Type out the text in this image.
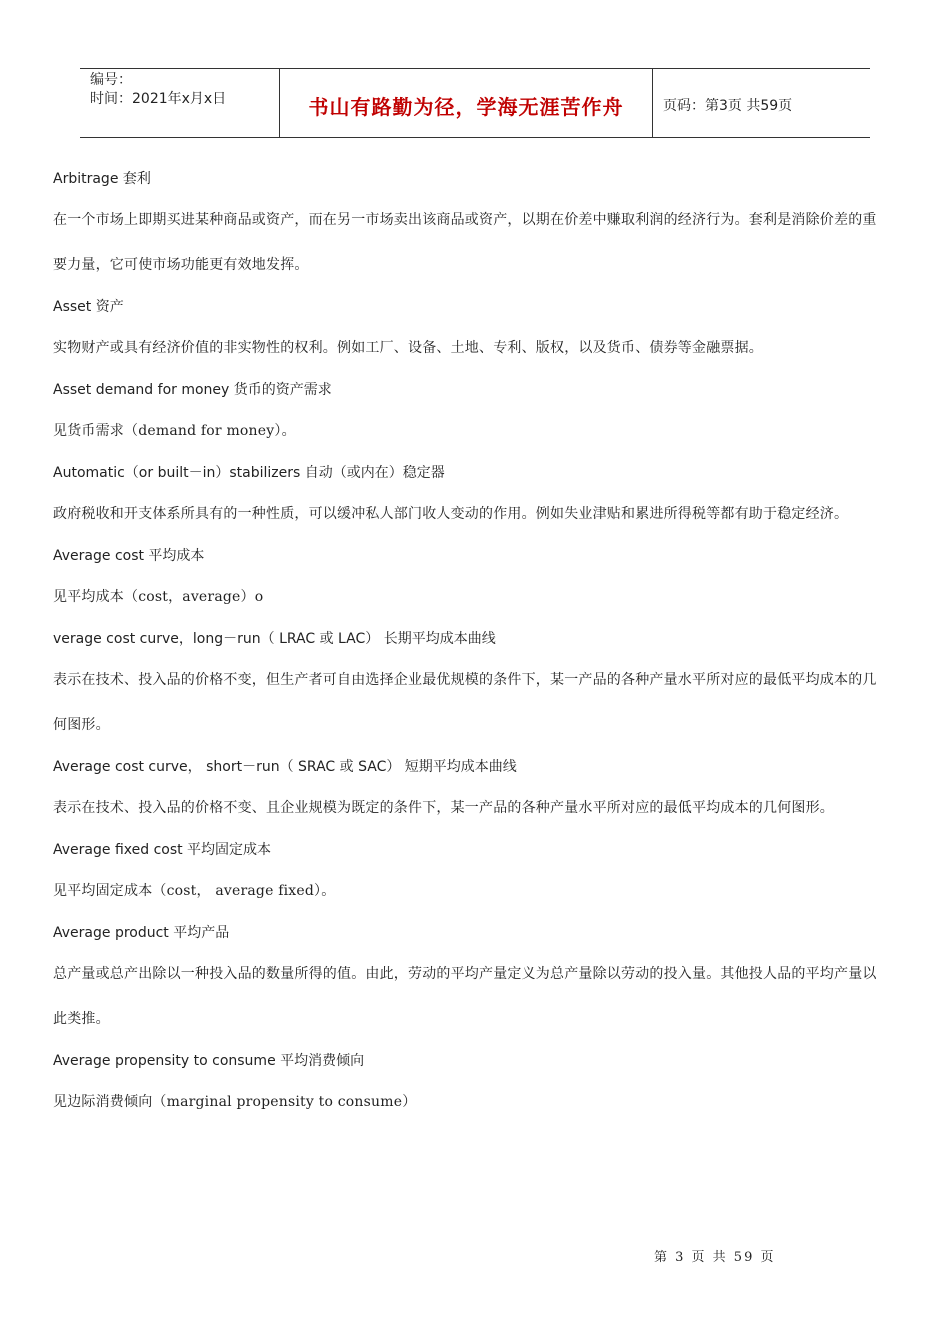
编号：
时间：2021年x月x日	书山有路勤为径，学海无涯苦作舟	页码：第3页 共59页

Arbitrage 套利

在一个市场上即期买进某种商品或资产，而在另一市场卖出该商品或资产，以期在价差中赚取利润的经济行为。套利是消除价差的重要力量，它可使市场功能更有效地发挥。

Asset 资产

实物财产或具有经济价值的非实物性的权利。例如工厂、设备、土地、专利、版权，以及货币、债券等金融票据。

Asset demand for money 货币的资产需求

见货币需求（demand for money）。

Automatic（or built－in）stabilizers 自动（或内在）稳定器

政府税收和开支体系所具有的一种性质，可以缓冲私人部门收人变动的作用。例如失业津贴和累进所得税等都有助于稳定经济。

Average cost 平均成本

见平均成本（cost，average）o

verage cost curve，long－run（ LRAC 或 LAC） 长期平均成本曲线

表示在技术、投入品的价格不变，但生产者可自由选择企业最优规模的条件下，某一产品的各种产量水平所对应的最低平均成本的几何图形。

Average cost curve， short－run（ SRAC 或 SAC） 短期平均成本曲线

表示在技术、投入品的价格不变、且企业规模为既定的条件下，某一产品的各种产量水平所对应的最低平均成本的几何图形。

Average fixed cost 平均固定成本

见平均固定成本（cost， average fixed）。

Average product 平均产品

总产量或总产出除以一种投入品的数量所得的值。由此，劳动的平均产量定义为总产量除以劳动的投入量。其他投人品的平均产量以此类推。

Average propensity to consume 平均消费倾向

见边际消费倾向（marginal propensity to consume）

第 3 页 共 59 页
